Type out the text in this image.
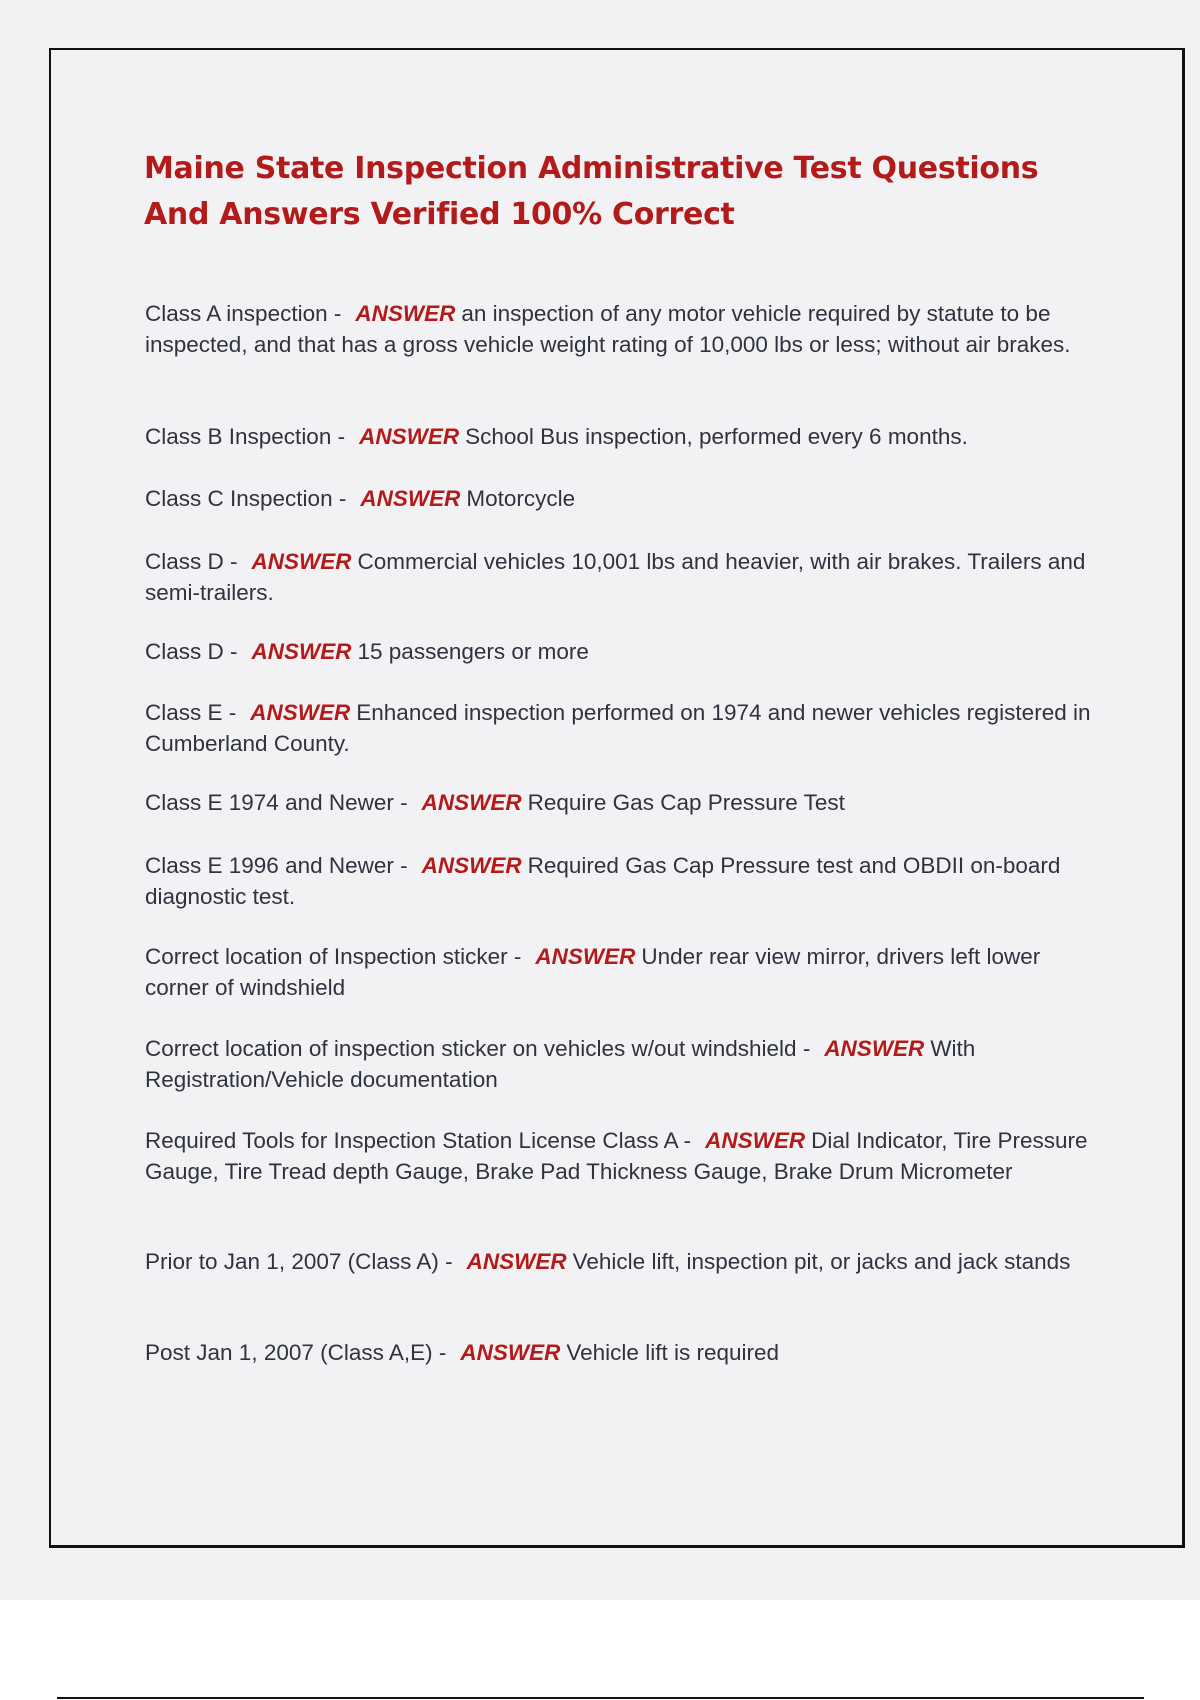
Maine State Inspection Administrative Test Questions And Answers Verified 100% Correct

Class A inspection - ANSWER an inspection of any motor vehicle required by statute to be inspected, and that has a gross vehicle weight rating of 10,000 lbs or less; without air brakes.

Class B Inspection - ANSWER School Bus inspection, performed every 6 months.

Class C Inspection - ANSWER Motorcycle

Class D - ANSWER Commercial vehicles 10,001 lbs and heavier, with air brakes. Trailers and semi-trailers.

Class D - ANSWER 15 passengers or more

Class E - ANSWER Enhanced inspection performed on 1974 and newer vehicles registered in Cumberland County.

Class E 1974 and Newer - ANSWER Require Gas Cap Pressure Test

Class E 1996 and Newer - ANSWER Required Gas Cap Pressure test and OBDII on-board diagnostic test.

Correct location of Inspection sticker - ANSWER Under rear view mirror, drivers left lower corner of windshield

Correct location of inspection sticker on vehicles w/out windshield - ANSWER With Registration/Vehicle documentation

Required Tools for Inspection Station License Class A - ANSWER Dial Indicator, Tire Pressure Gauge, Tire Tread depth Gauge, Brake Pad Thickness Gauge, Brake Drum Micrometer

Prior to Jan 1, 2007 (Class A) - ANSWER Vehicle lift, inspection pit, or jacks and jack stands

Post Jan 1, 2007 (Class A,E) - ANSWER Vehicle lift is required
